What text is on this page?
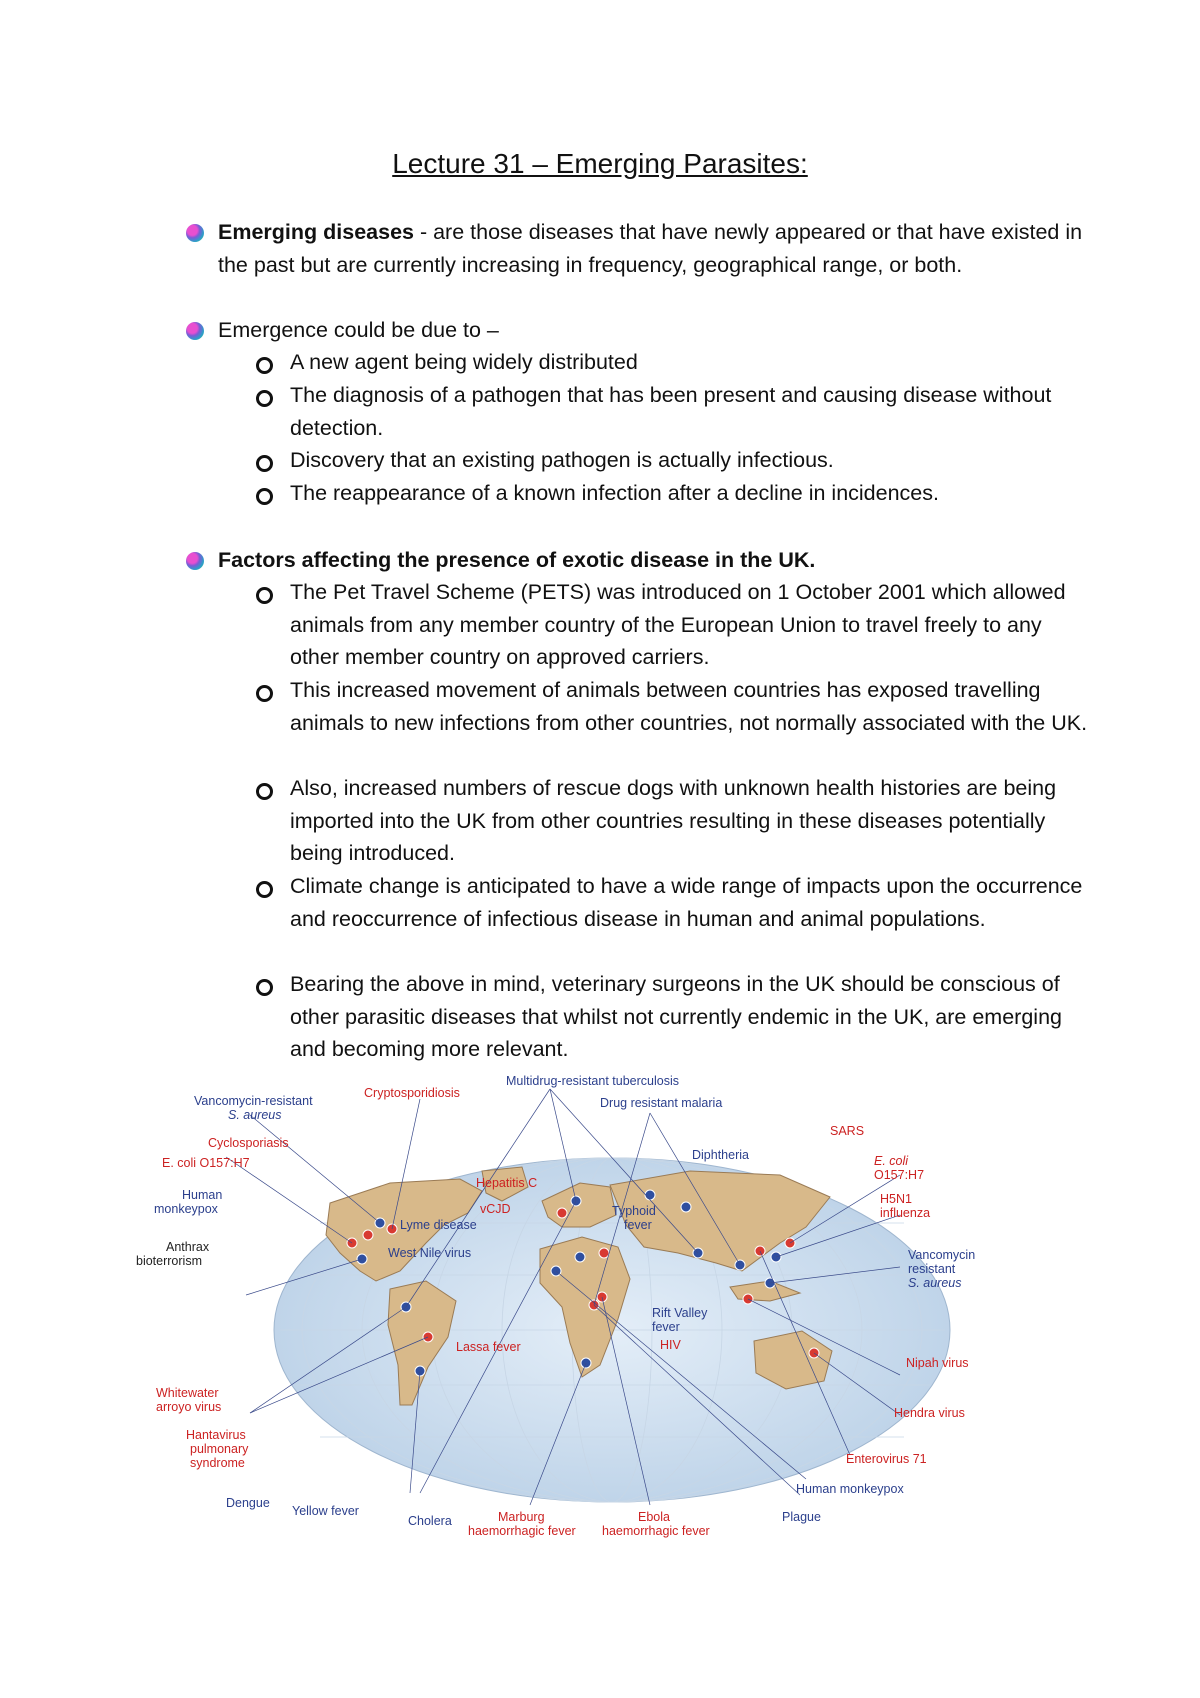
Lecture 31 – Emerging Parasites:
Emerging diseases - are those diseases that have newly appeared or that have existed in the past but are currently increasing in frequency, geographical range, or both.
Emergence could be due to –
A new agent being widely distributed
The diagnosis of a pathogen that has been present and causing disease without detection.
Discovery that an existing pathogen is actually infectious.
The reappearance of a known infection after a decline in incidences.
Factors affecting the presence of exotic disease in the UK.
The Pet Travel Scheme (PETS) was introduced on 1 October 2001 which allowed animals from any member country of the European Union to travel freely to any other member country on approved carriers.
This increased movement of animals between countries has exposed travelling animals to new infections from other countries, not normally associated with the UK.
Also, increased numbers of rescue dogs with unknown health histories are being imported into the UK from other countries resulting in these diseases potentially being introduced.
Climate change is anticipated to have a wide range of impacts upon the occurrence and reoccurrence of infectious disease in human and animal populations.
Bearing the above in mind, veterinary surgeons in the UK should be conscious of other parasitic diseases that whilst not currently endemic in the UK, are emerging and becoming more relevant.
Vancomycin-resistant
S. aureus
Cyclosporiasis
E. coli O157:H7
Human
monkeypox
Anthrax
bioterrorism
Cryptosporidiosis
Multidrug-resistant tuberculosis
Drug resistant malaria
Diphtheria
SARS
E. coli
O157:H7
H5N1
influenza
Vancomycin
resistant
S. aureus
Hepatitis C
vCJD
Lyme disease
West Nile virus
Typhoid
fever
Rift Valley
fever
HIV
Lassa fever
Whitewater
arroyo virus
Hantavirus
pulmonary
syndrome
Dengue
Yellow fever
Cholera	Marburg
haemorrhagic fever
Ebola
haemorrhagic fever
Plague
Human monkeypox
Enterovirus 71
Hendra virus
Nipah virus
